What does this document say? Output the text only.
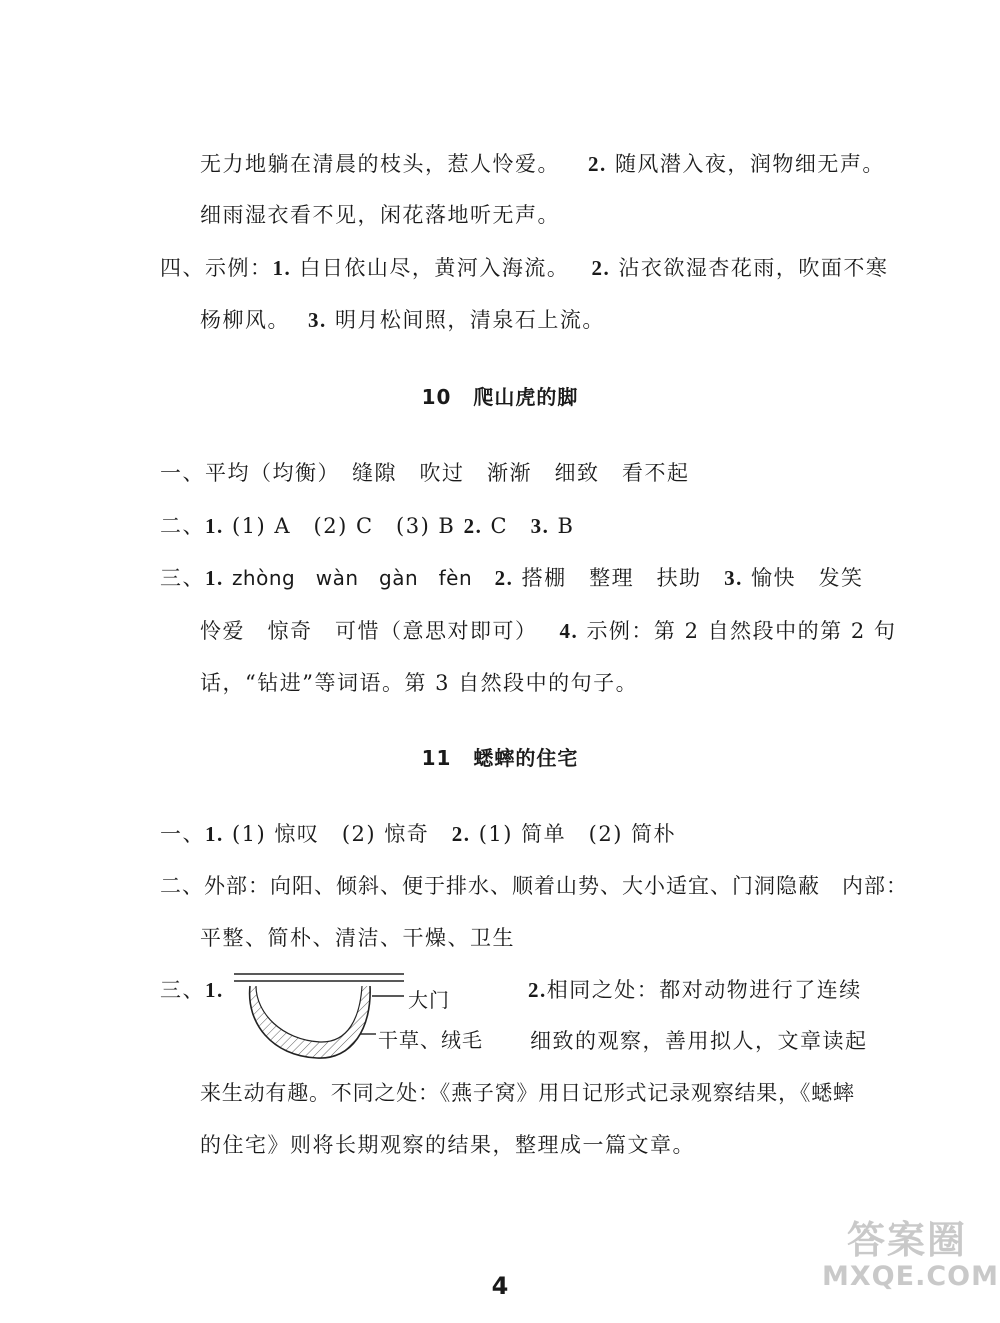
无力地躺在清晨的枝头，惹人怜爱。 2. 随风潜入夜，润物细无声。
细雨湿衣看不见，闲花落地听无声。
四、示例：1. 白日依山尽，黄河入海流。 2. 沾衣欲湿杏花雨，吹面不寒
杨柳风。 3. 明月松间照，清泉石上流。
10 爬山虎的脚
一、平均（均衡）　缝隙　吹过　渐渐　细致　看不起
二、1. (1) A　(2) C　(3) B 2. C　 3. B
三、1. zhòng　wàn　gàn　fèn　 2. 搭棚　整理　扶助　 3. 愉快　发笑
怜爱　惊奇　可惜（意思对即可） 4. 示例：第 2 自然段中的第 2 句
话，“钻进”等词语。第 3 自然段中的句子。
11 蟋蟀的住宅
一、1. (1) 惊叹　(2) 惊奇　 2. (1) 简单　(2) 简朴
二、外部：向阳、倾斜、便于排水、顺着山势、大小适宜、门洞隐蔽　内部：
平整、简朴、清洁、干燥、卫生
三、1.	大门
干草、绒毛
2.相同之处：都对动物进行了连续
细致的观察，善用拟人，文章读起
来生动有趣。不同之处：《燕子窝》用日记形式记录观察结果，《蟋蟀
的住宅》则将长期观察的结果，整理成一篇文章。
4
答案圈
MXQE.COM
